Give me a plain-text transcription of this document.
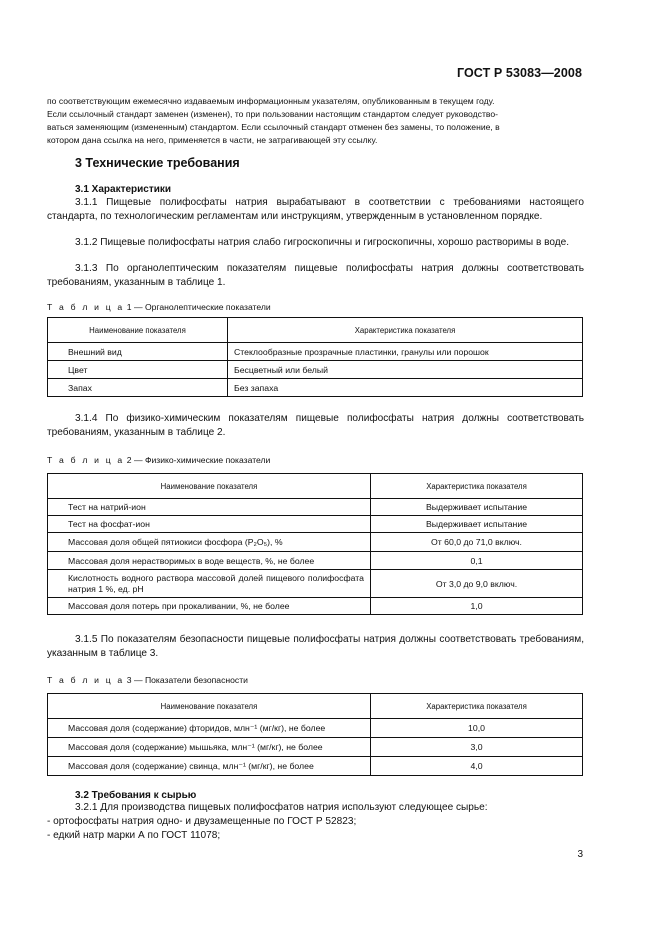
ГОСТ Р 53083—2008
по соответствующим ежемесячно издаваемым информационным указателям, опубликованным в текущем году.
Если ссылочный стандарт заменен (изменен), то при пользовании настоящим стандартом следует руководство-
ваться заменяющим (измененным) стандартом. Если ссылочный стандарт отменен без замены, то положение, в
котором дана ссылка на него, применяется в части, не затрагивающей эту ссылку.
3 Технические требования
3.1 Характеристики
3.1.1 Пищевые полифосфаты натрия вырабатывают в соответствии с требованиями настоящего стандарта, по технологическим регламентам или инструкциям, утвержденным в установленном порядке.
3.1.2 Пищевые полифосфаты натрия слабо гигроскопичны и гигроскопичны, хорошо растворимы в воде.
3.1.3 По органолептическим показателям пищевые полифосфаты натрия должны соответствовать требованиям, указанным в таблице 1.
Т а б л и ц а 1 — Органолептические показатели
Наименование показателя	Характеристика показателя
Внешний вид	Стеклообразные прозрачные пластинки, гранулы или порошок
Цвет	Бесцветный или белый
Запах	Без запаха
3.1.4 По физико-химическим показателям пищевые полифосфаты натрия должны соответствовать требованиям, указанным в таблице 2.
Т а б л и ц а 2 — Физико-химические показатели
Наименование показателя	Характеристика показателя
Тест на натрий-ион	Выдерживает испытание
Тест на фосфат-ион	Выдерживает испытание
Массовая доля общей пятиокиси фосфора (P₂O₅), %	От 60,0 до 71,0 включ.
Массовая доля нерастворимых в воде веществ, %, не более	0,1
Кислотность водного раствора массовой долей пищевого полифосфата натрия 1 %, ед. рН	От 3,0 до 9,0 включ.
Массовая доля потерь при прокаливании, %, не более	1,0
3.1.5 По показателям безопасности пищевые полифосфаты натрия должны соответствовать требованиям, указанным в таблице 3.
Т а б л и ц а 3 — Показатели безопасности
Наименование показателя	Характеристика показателя
Массовая доля (содержание) фторидов, млн⁻¹ (мг/кг), не более	10,0
Массовая доля (содержание) мышьяка, млн⁻¹ (мг/кг), не более	3,0
Массовая доля (содержание) свинца, млн⁻¹ (мг/кг), не более	4,0
3.2 Требования к сырью
3.2.1 Для производства пищевых полифосфатов натрия используют следующее сырье:
- ортофосфаты натрия одно- и двузамещенные по ГОСТ Р 52823;
- едкий натр марки А по ГОСТ 11078;
3
